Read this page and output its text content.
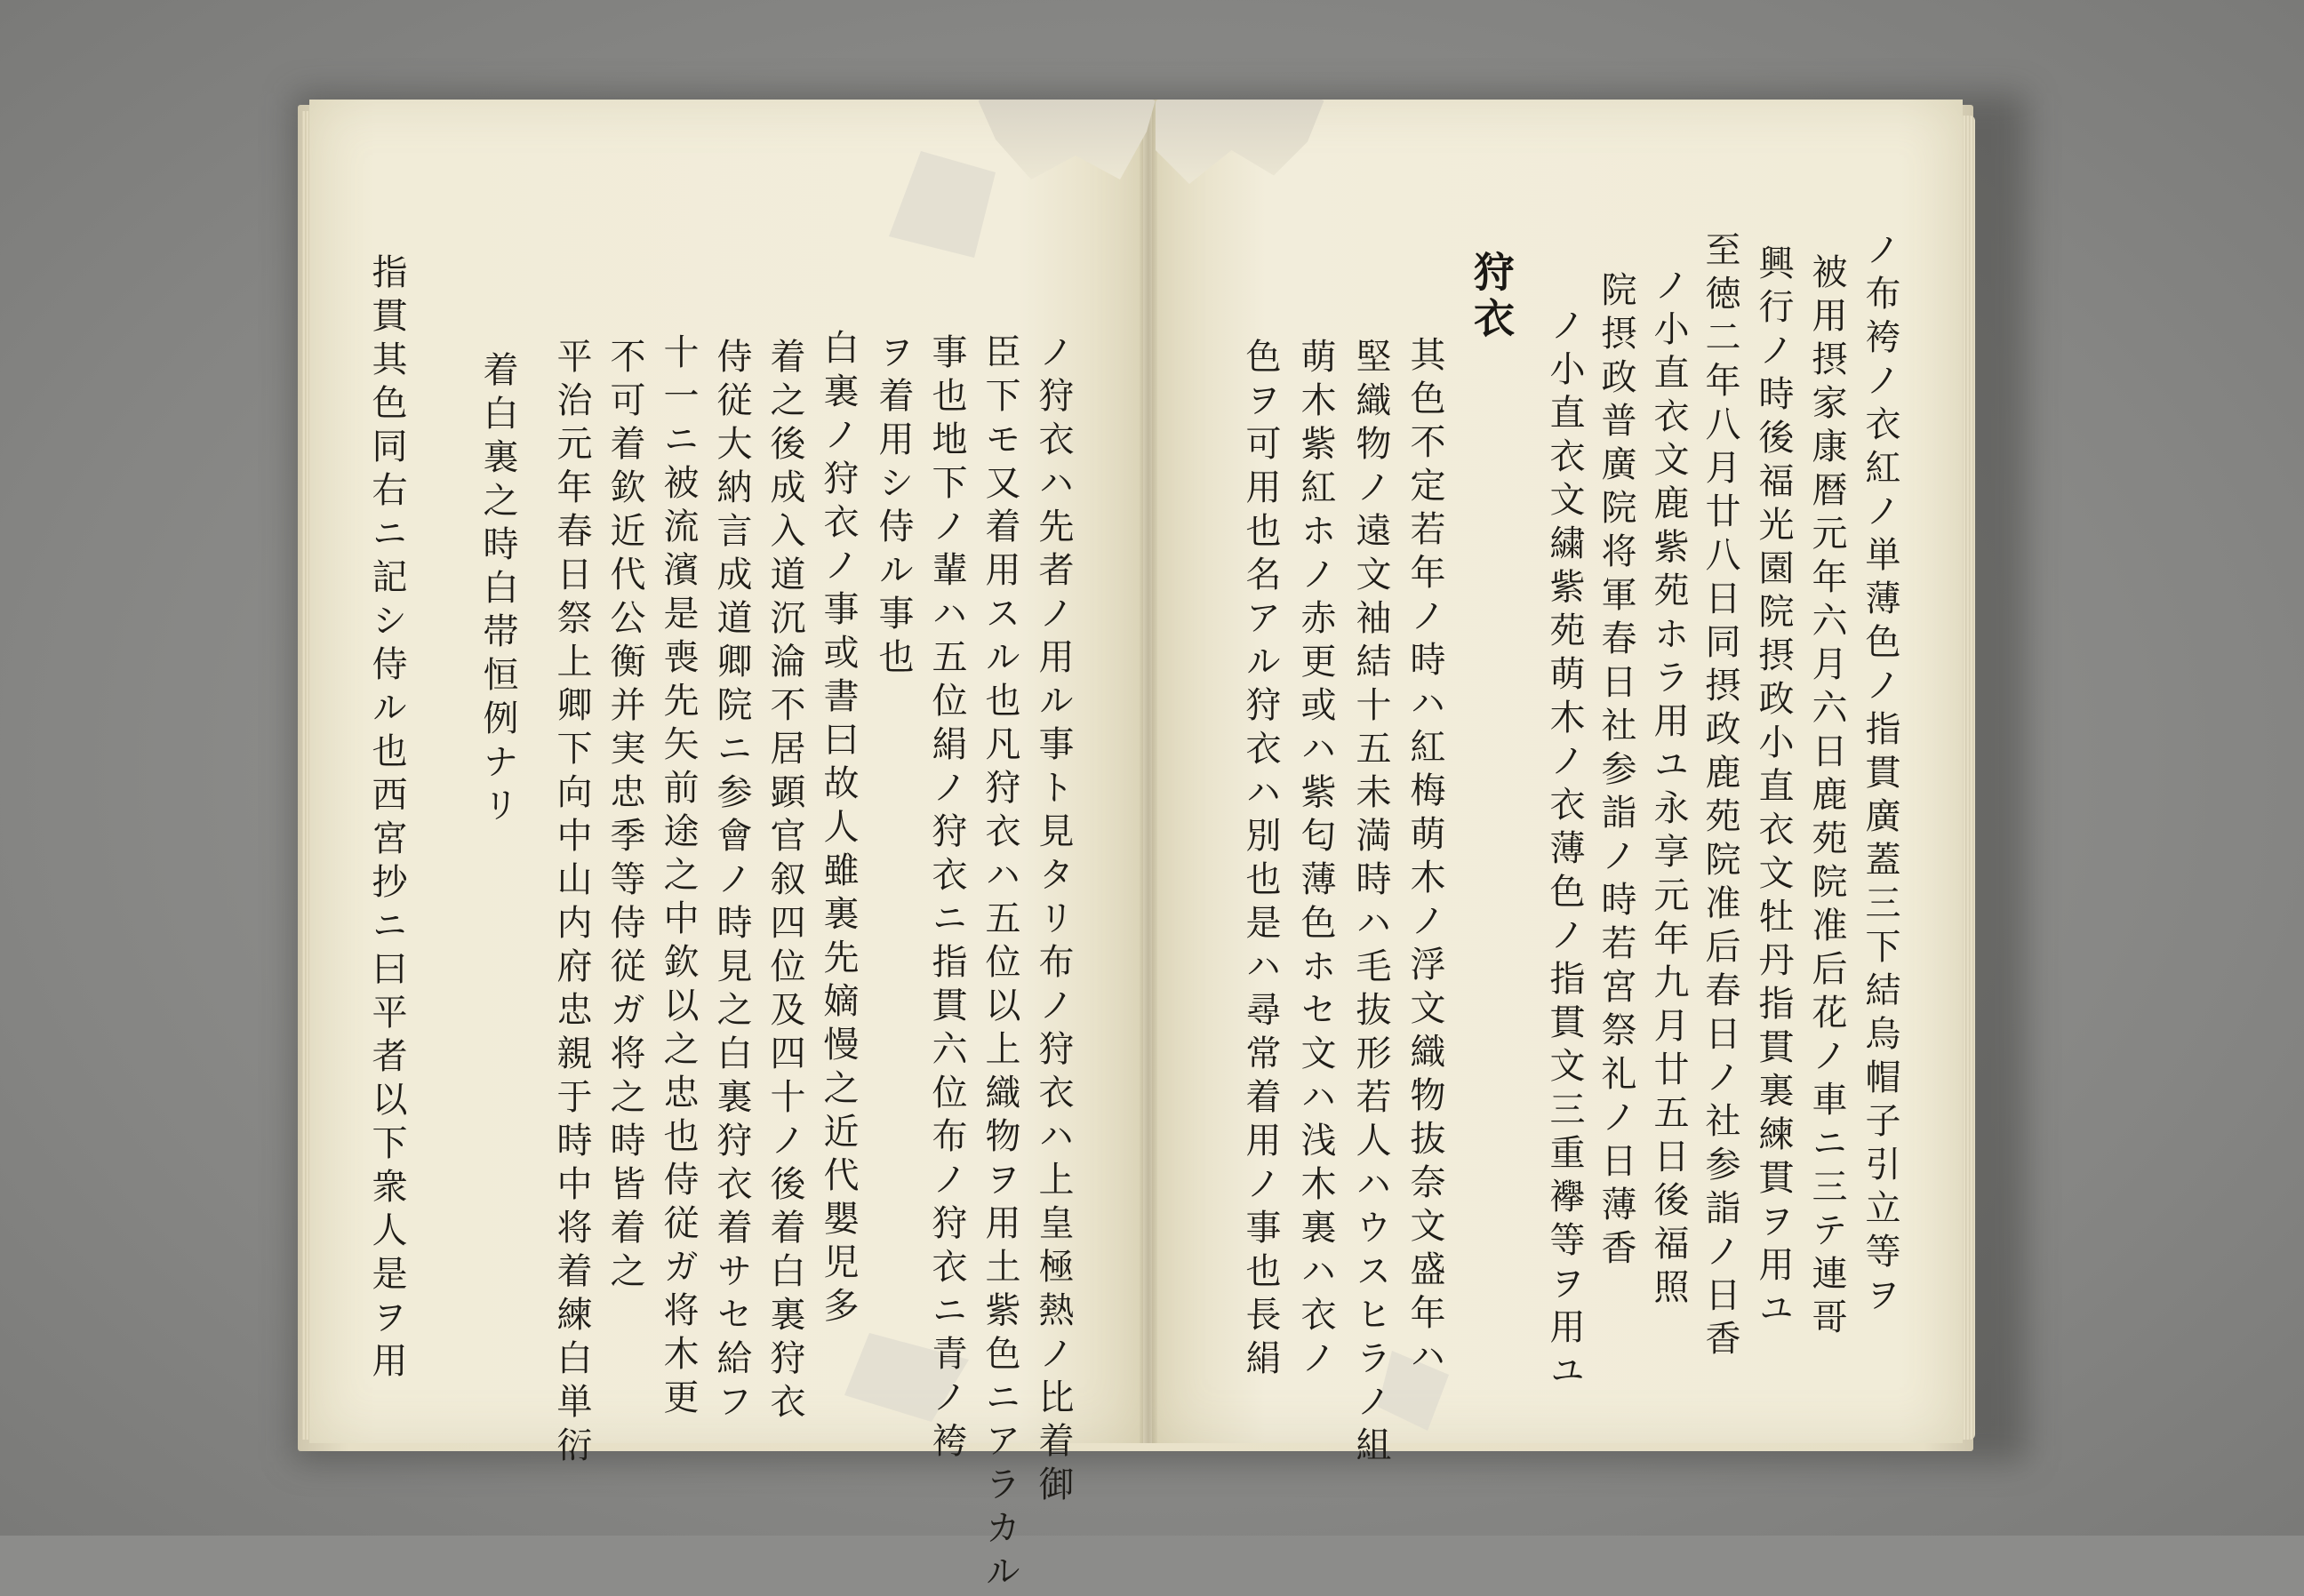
ノ布袴ノ衣紅ノ単薄色ノ指貫廣蓋三下結烏帽子引立等ヲ
被用摂家康暦元年六月六日鹿苑院准后花ノ車ニ三テ連哥
興行ノ時後福光園院摂政小直衣文牡丹指貫裏練貫ヲ用ユ
至徳二年八月廿八日同摂政鹿苑院准后春日ノ社参詣ノ日香
ノ小直衣文鹿紫苑ホラ用ユ永享元年九月廿五日後福照
院摂政普廣院将軍春日社参詣ノ時若宮祭礼ノ日薄香
ノ小直衣文繍紫苑萌木ノ衣薄色ノ指貫文三重襷等ヲ用ユ
狩衣
其色不定若年ノ時ハ紅梅萌木ノ浮文織物抜奈文盛年ハ
堅織物ノ遠文袖結十五未満時ハ毛抜形若人ハウスヒラノ組
萌木紫紅ホノ赤更或ハ紫匂薄色ホセ文ハ浅木裏ハ衣ノ
色ヲ可用也名アル狩衣ハ別也是ハ尋常着用ノ事也長絹
ノ狩衣ハ先者ノ用ル事ト見タリ布ノ狩衣ハ上皇極熱ノ比着御
臣下モ又着用スル也凡狩衣ハ五位以上織物ヲ用土紫色ニアラカル
事也地下ノ輩ハ五位絹ノ狩衣ニ指貫六位布ノ狩衣ニ青ノ袴
ヲ着用シ侍ル事也
白裏ノ狩衣ノ事或書曰故人雖裏先嫡慢之近代嬰児多
着之後成入道沉淪不居顕官叙四位及四十ノ後着白裏狩衣
侍従大納言成道卿院ニ参會ノ時見之白裏狩衣着サセ給フ
十一ニ被流濱是喪先矢前途之中欽以之忠也侍従ガ将木更
不可着欽近代公衡并実忠季等侍従ガ将之時皆着之
平治元年春日祭上卿下向中山内府忠親于時中将着練白単衍
着白裏之時白帯恒例ナリ
指貫其色同右ニ記シ侍ル也西宮抄ニ曰平者以下衆人是ヲ用
